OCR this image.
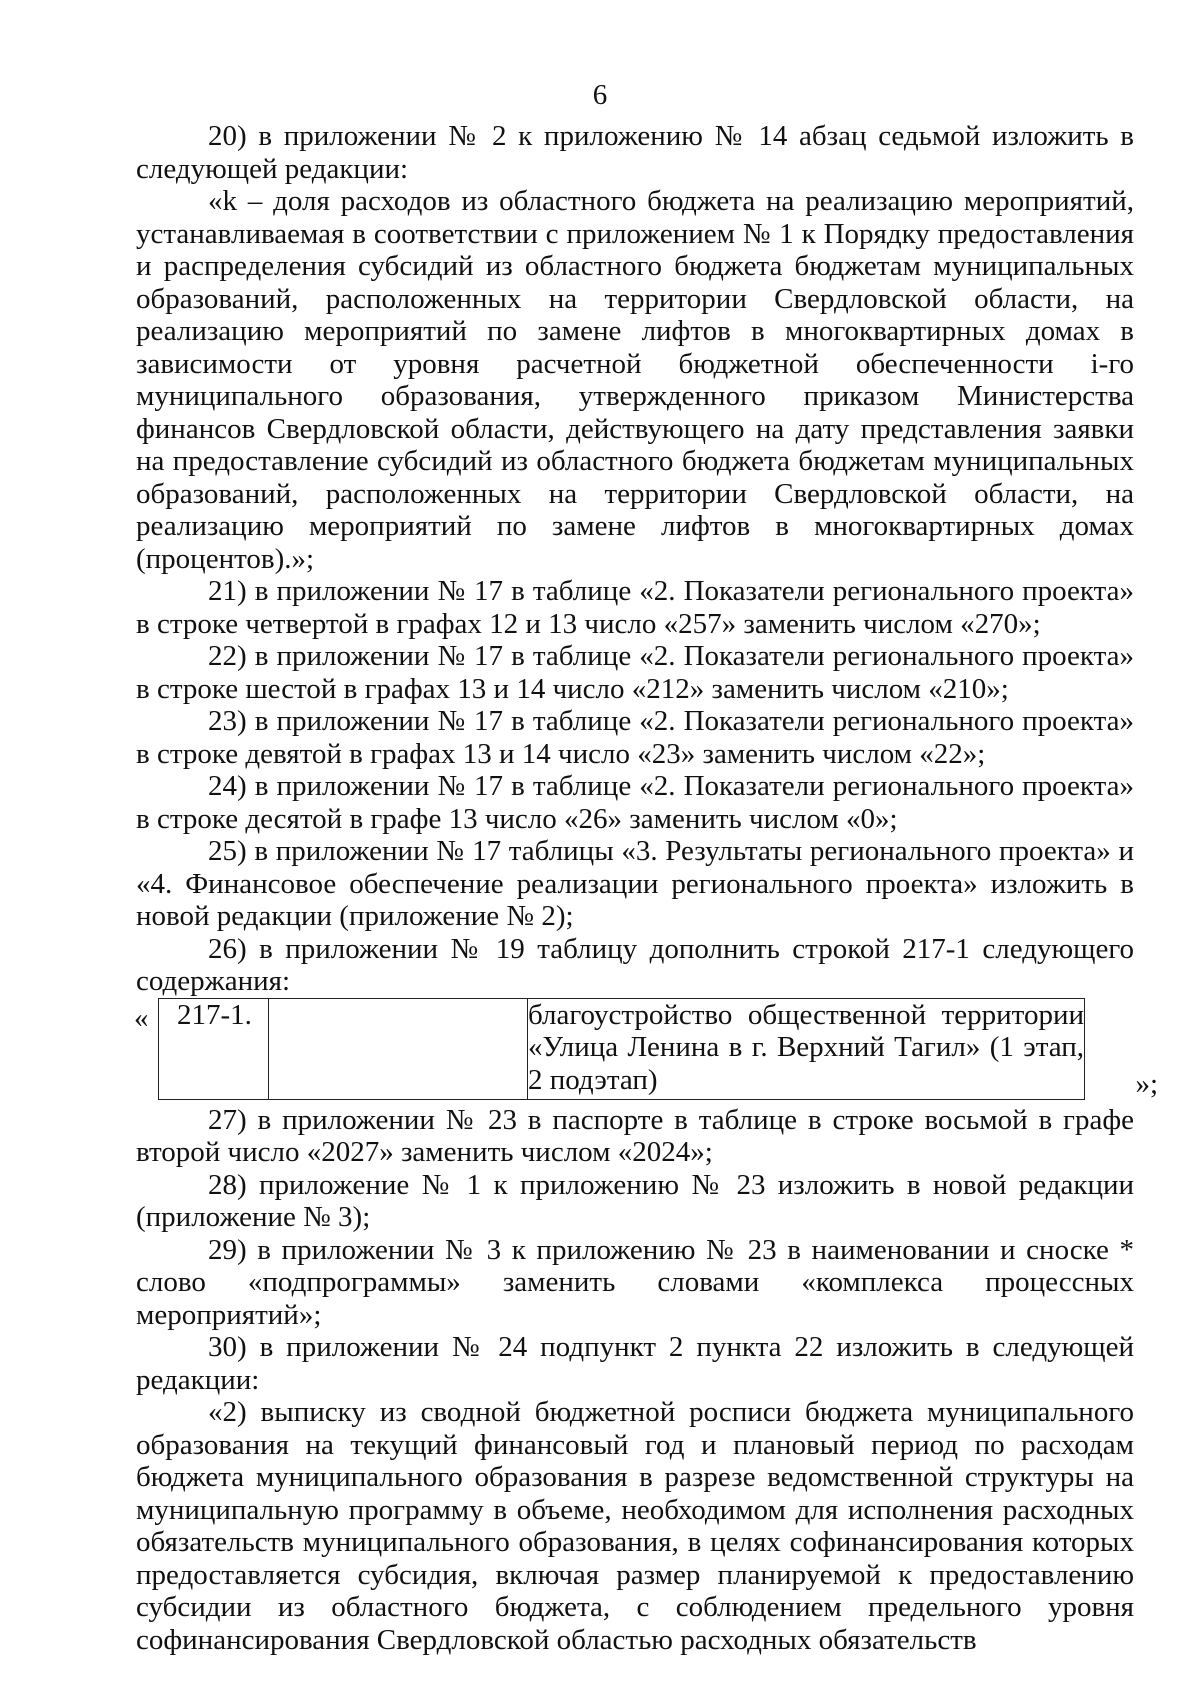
6

20) в приложении № 2 к приложению № 14 абзац седьмой изложить в следующей редакции:

«k – доля расходов из областного бюджета на реализацию мероприятий, устанавливаемая в соответствии с приложением № 1 к Порядку предоставления и распределения субсидий из областного бюджета бюджетам муниципальных образований, расположенных на территории Свердловской области, на реализацию мероприятий по замене лифтов в многоквартирных домах в зависимости от уровня расчетной бюджетной обеспеченности i-го муниципального образования, утвержденного приказом Министерства финансов Свердловской области, действующего на дату представления заявки на предоставление субсидий из областного бюджета бюджетам муниципальных образований, расположенных на территории Свердловской области, на реализацию мероприятий по замене лифтов в многоквартирных домах (процентов).»;

21) в приложении № 17 в таблице «2. Показатели регионального проекта» в строке четвертой в графах 12 и 13 число «257» заменить числом «270»;

22) в приложении № 17 в таблице «2. Показатели регионального проекта» в строке шестой в графах 13 и 14 число «212» заменить числом «210»;

23) в приложении № 17 в таблице «2. Показатели регионального проекта» в строке девятой в графах 13 и 14 число «23» заменить числом «22»;

24) в приложении № 17 в таблице «2. Показатели регионального проекта» в строке десятой в графе 13 число «26» заменить числом «0»;

25) в приложении № 17 таблицы «3. Результаты регионального проекта» и «4. Финансовое обеспечение реализации регионального проекта» изложить в новой редакции (приложение № 2);

26) в приложении № 19 таблицу дополнить строкой 217-1 следующего содержания:

« 217-1.		благоустройство общественной территории «Улица Ленина в г. Верхний Тагил» (1 этап, 2 подэтап)	»;

27) в приложении № 23 в паспорте в таблице в строке восьмой в графе второй число «2027» заменить числом «2024»;

28) приложение № 1 к приложению № 23 изложить в новой редакции (приложение № 3);

29) в приложении № 3 к приложению № 23 в наименовании и сноске * слово «подпрограммы» заменить словами «комплекса процессных мероприятий»;

30) в приложении № 24 подпункт 2 пункта 22 изложить в следующей редакции:

«2) выписку из сводной бюджетной росписи бюджета муниципального образования на текущий финансовый год и плановый период по расходам бюджета муниципального образования в разрезе ведомственной структуры на муниципальную программу в объеме, необходимом для исполнения расходных обязательств муниципального образования, в целях софинансирования которых предоставляется субсидия, включая размер планируемой к предоставлению субсидии из областного бюджета, с соблюдением предельного уровня софинансирования Свердловской областью расходных обязательств
